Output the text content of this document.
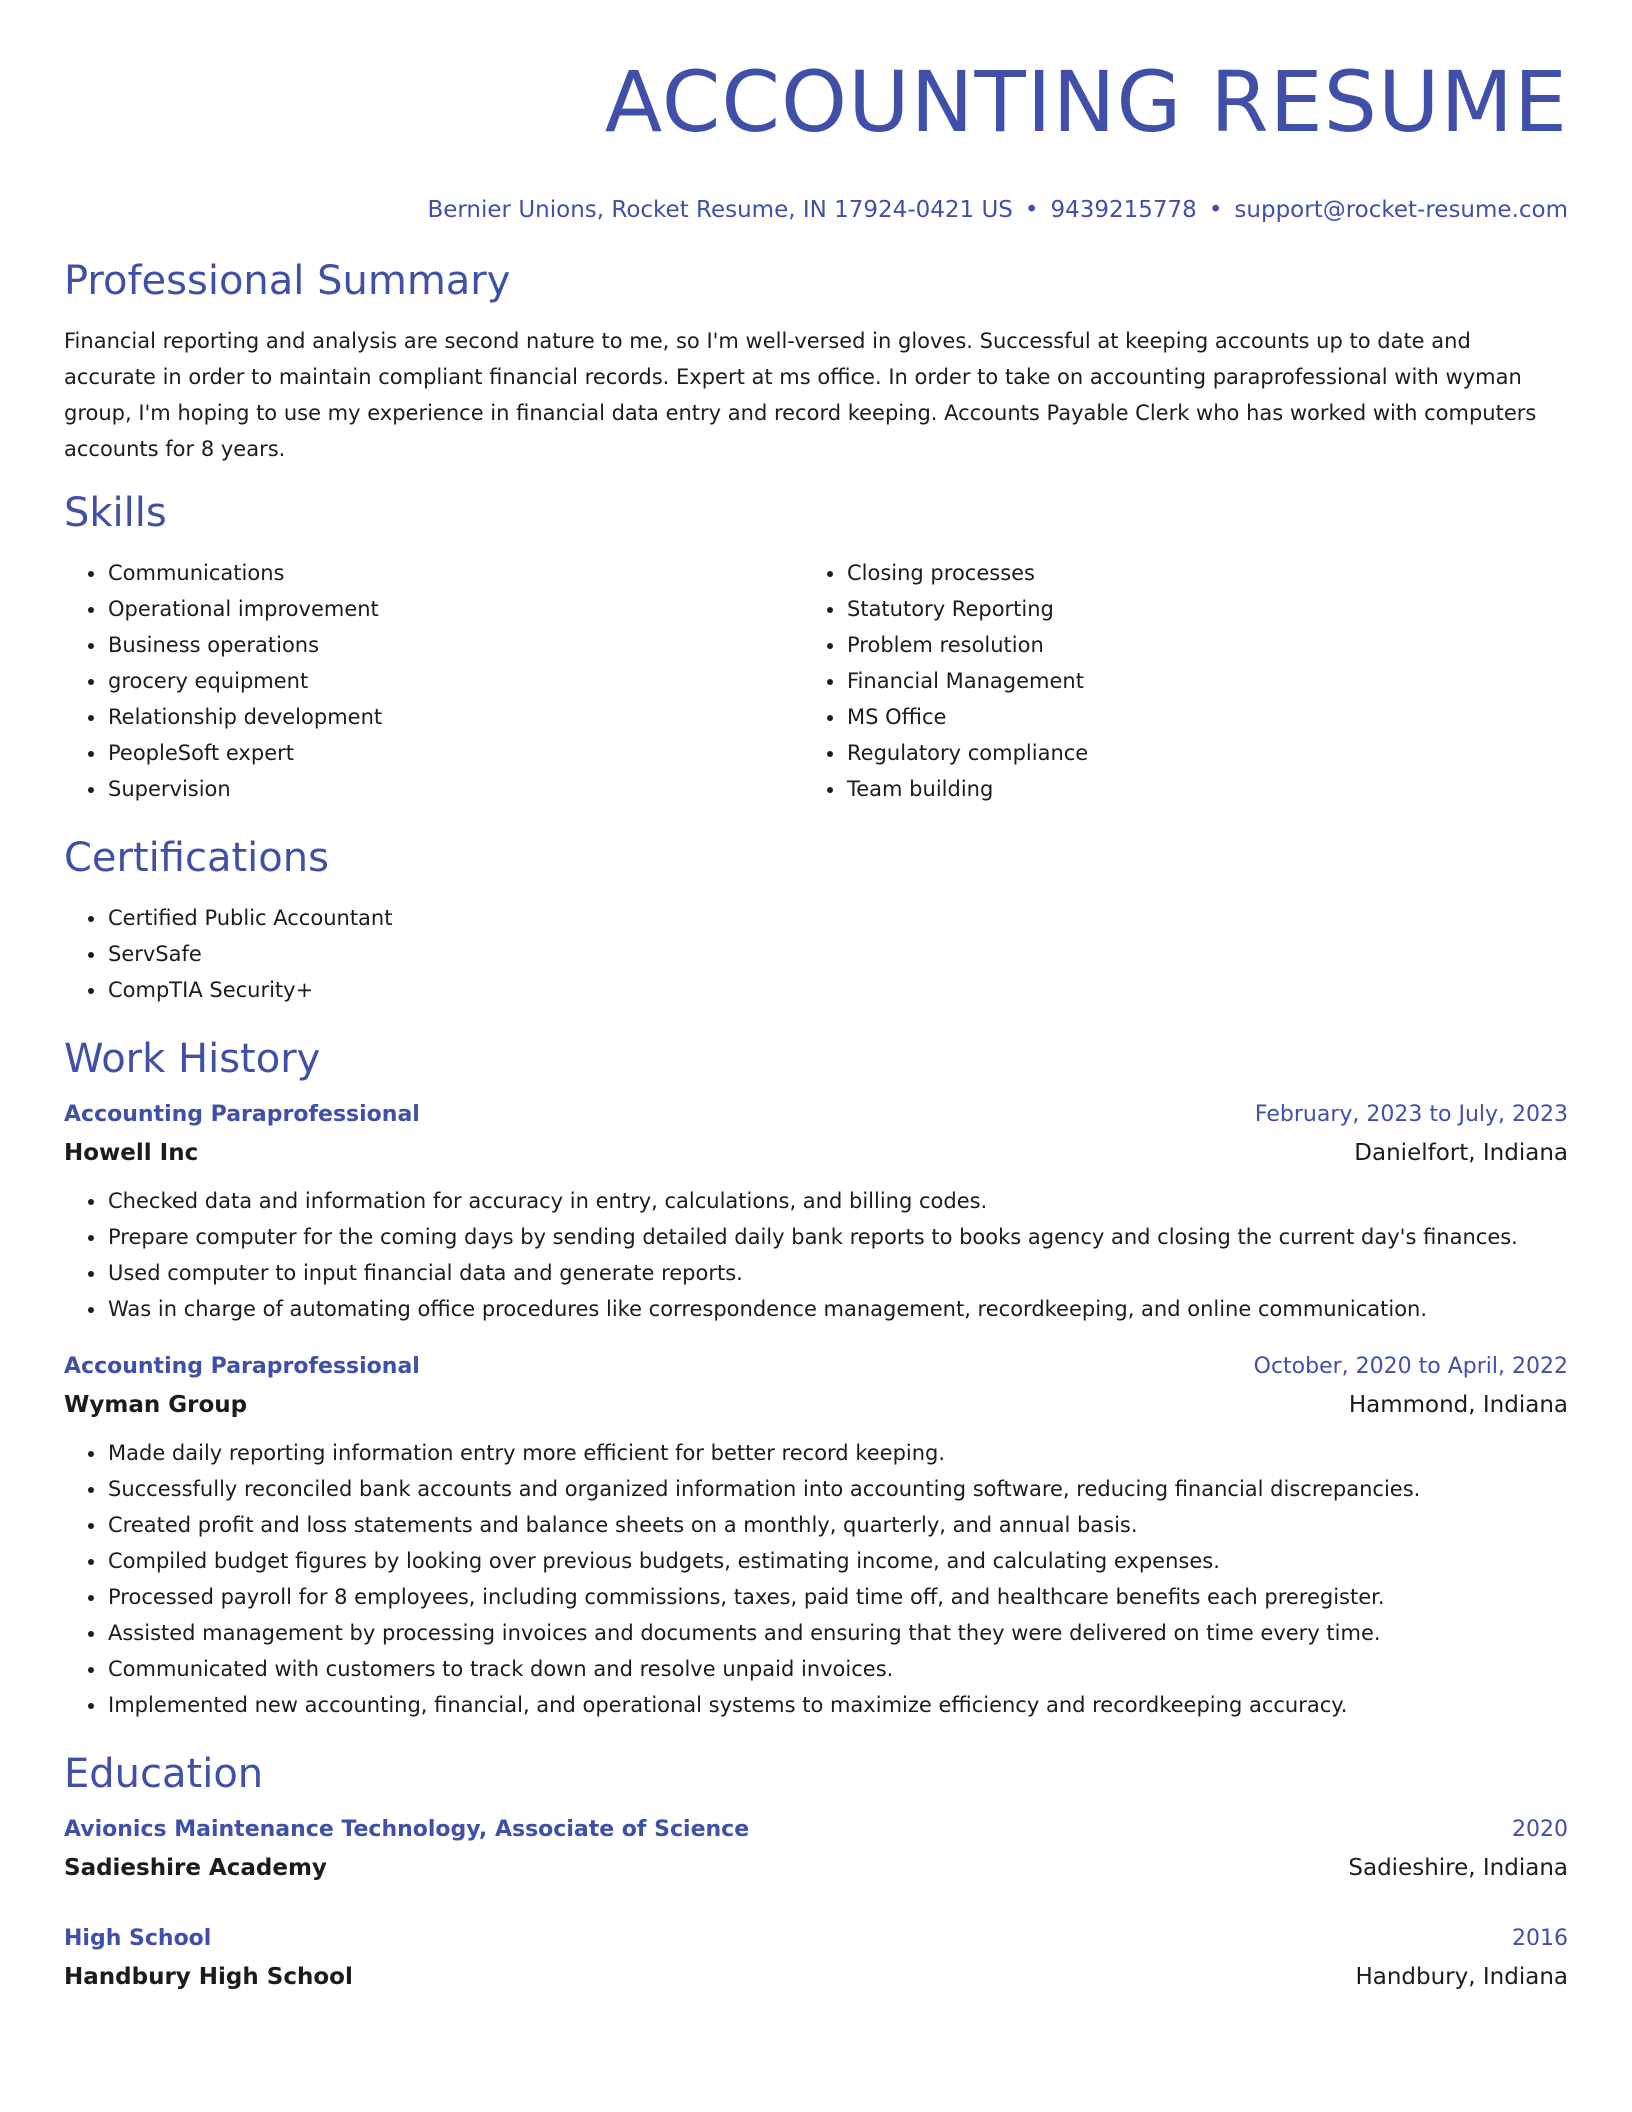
ACCOUNTING RESUME
Bernier Unions, Rocket Resume, IN 17924-0421 US • 9439215778 • support@rocket-resume.com
Professional Summary

Financial reporting and analysis are second nature to me, so I'm well-versed in gloves. Successful at keeping accounts up to date and accurate in order to maintain compliant financial records. Expert at ms office. In order to take on accounting paraprofessional with wyman group, I'm hoping to use my experience in financial data entry and record keeping. Accounts Payable Clerk who has worked with computers accounts for 8 years.

Skills
• Communications
• Operational improvement
• Business operations
• grocery equipment
• Relationship development
• PeopleSoft expert
• Supervision
• Closing processes
• Statutory Reporting
• Problem resolution
• Financial Management
• MS Office
• Regulatory compliance
• Team building
Certifications
• Certified Public Accountant
• ServSafe
• CompTIA Security+
Work History
Accounting Paraprofessional	February, 2023 to July, 2023
Howell Inc	Danielfort, Indiana
• Checked data and information for accuracy in entry, calculations, and billing codes.
• Prepare computer for the coming days by sending detailed daily bank reports to books agency and closing the current day's finances.
• Used computer to input financial data and generate reports.
• Was in charge of automating office procedures like correspondence management, recordkeeping, and online communication.
Accounting Paraprofessional	October, 2020 to April, 2022
Wyman Group	Hammond, Indiana
• Made daily reporting information entry more efficient for better record keeping.
• Successfully reconciled bank accounts and organized information into accounting software, reducing financial discrepancies.
• Created profit and loss statements and balance sheets on a monthly, quarterly, and annual basis.
• Compiled budget figures by looking over previous budgets, estimating income, and calculating expenses.
• Processed payroll for 8 employees, including commissions, taxes, paid time off, and healthcare benefits each preregister.
• Assisted management by processing invoices and documents and ensuring that they were delivered on time every time.
• Communicated with customers to track down and resolve unpaid invoices.
• Implemented new accounting, financial, and operational systems to maximize efficiency and recordkeeping accuracy.
Education
Avionics Maintenance Technology, Associate of Science	2020
Sadieshire Academy	Sadieshire, Indiana
High School	2016
Handbury High School	Handbury, Indiana
